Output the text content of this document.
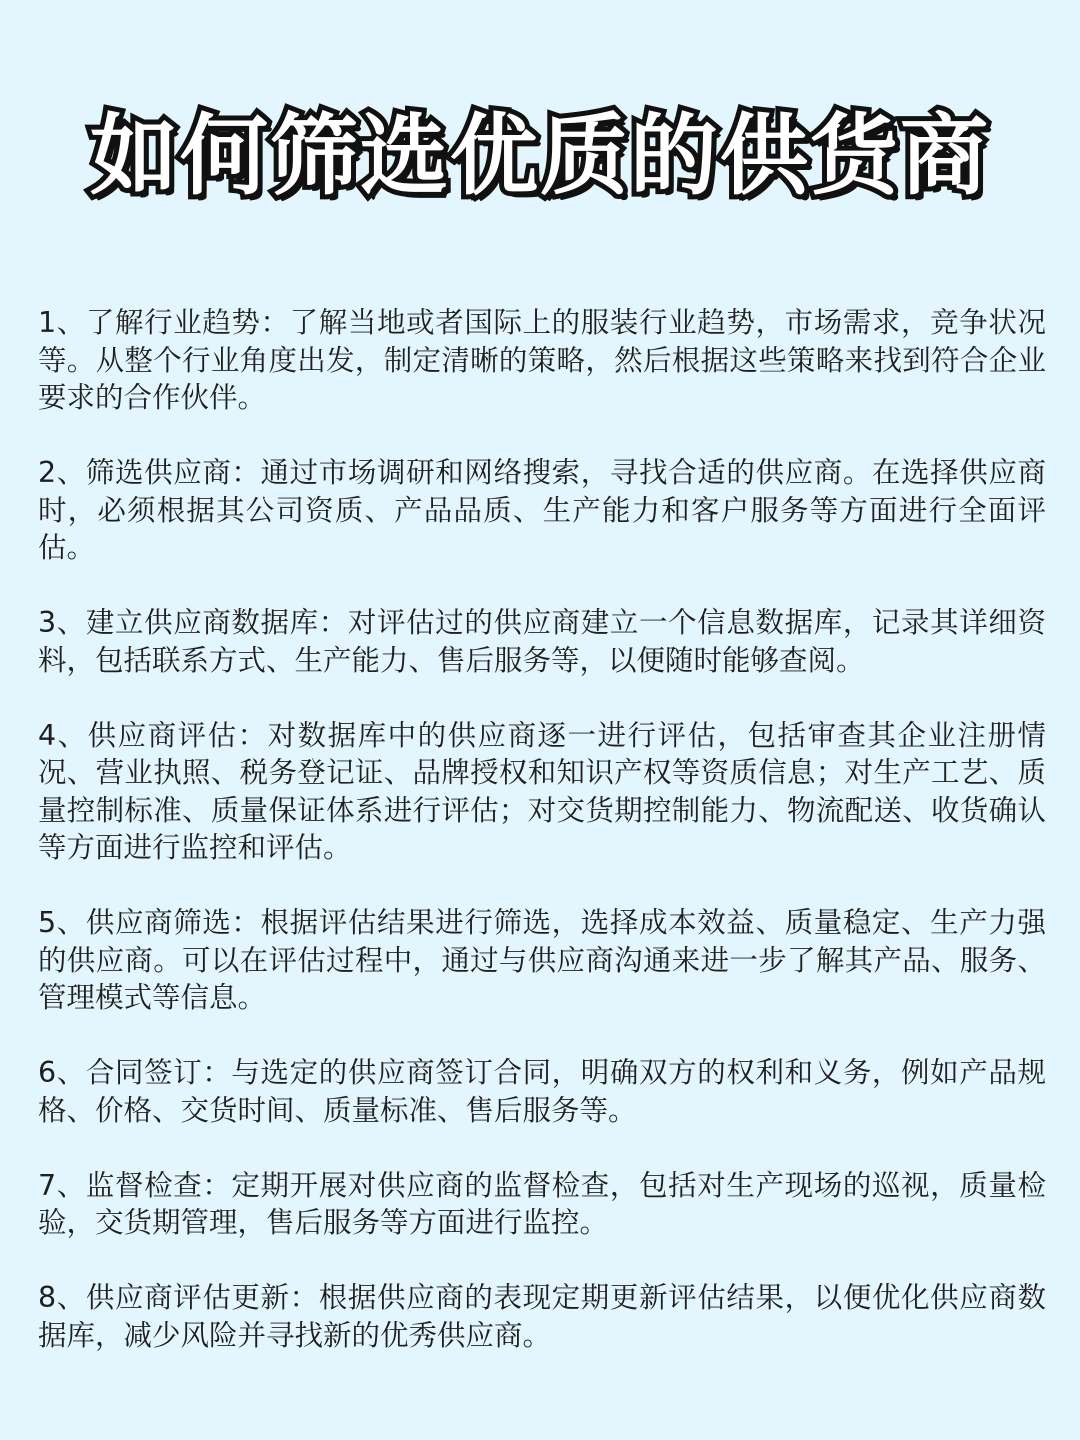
如何筛选优质的供货商

1、了解行业趋势：了解当地或者国际上的服装行业趋势，市场需求，竞争状况等。从整个行业角度出发，制定清晰的策略，然后根据这些策略来找到符合企业要求的合作伙伴。

2、筛选供应商：通过市场调研和网络搜索，寻找合适的供应商。在选择供应商时，必须根据其公司资质、产品品质、生产能力和客户服务等方面进行全面评估。

3、建立供应商数据库：对评估过的供应商建立一个信息数据库，记录其详细资料，包括联系方式、生产能力、售后服务等，以便随时能够查阅。

4、供应商评估：对数据库中的供应商逐一进行评估，包括审查其企业注册情况、营业执照、税务登记证、品牌授权和知识产权等资质信息；对生产工艺、质量控制标准、质量保证体系进行评估；对交货期控制能力、物流配送、收货确认等方面进行监控和评估。

5、供应商筛选：根据评估结果进行筛选，选择成本效益、质量稳定、生产力强的供应商。可以在评估过程中，通过与供应商沟通来进一步了解其产品、服务、管理模式等信息。

6、合同签订：与选定的供应商签订合同，明确双方的权利和义务，例如产品规格、价格、交货时间、质量标准、售后服务等。

7、监督检查：定期开展对供应商的监督检查，包括对生产现场的巡视，质量检验，交货期管理，售后服务等方面进行监控。

8、供应商评估更新：根据供应商的表现定期更新评估结果，以便优化供应商数据库，减少风险并寻找新的优秀供应商。
